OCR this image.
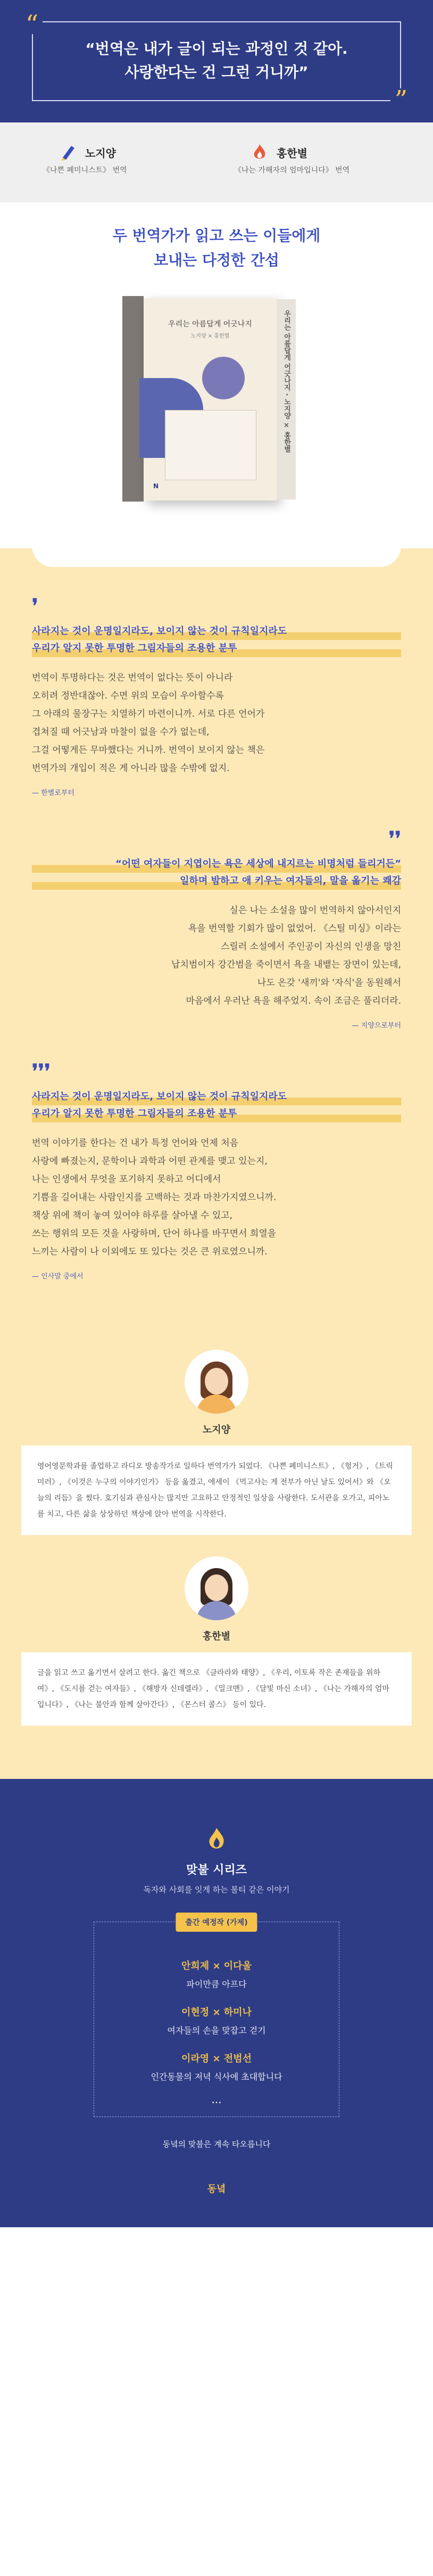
“
“번역은 내가 글이 되는 과정인 것 같아.
사랑한다는 건 그런 거니까”
”
노지양
《나쁜 페미니스트》 번역
홍한별
《나는 가해자의 엄마입니다》 번역
두 번역가가 읽고 쓰는 이들에게
보내는 다정한 간섭
우리는 아름답게 어긋나지
노지양 × 홍한별
N
우리는 아름답게 어긋나지 · 노지양 × 홍한별
❜
사라지는 것이 운명일지라도, 보이지 않는 것이 규칙일지라도
우리가 알지 못한 투명한 그림자들의 조용한 분투
번역이 투명하다는 것은 번역이 없다는 뜻이 아니라
오히려 정반대잖아. 수면 위의 모습이 우아할수록
그 아래의 물장구는 치열하기 마련이니까. 서로 다른 언어가
겹쳐질 때 어긋남과 마찰이 없을 수가 없는데,
그걸 어떻게든 무마했다는 거니까. 번역이 보이지 않는 책은
번역가의 개입이 적은 게 아니라 많을 수밖에 없지.
— 한별로부터
❜❜
“어떤 여자들이 지엽이는 욕은 세상에 내지르는 비명처럼 들리거든”
일하며 밤하고 애 키우는 여자들의, 말을 옮기는 쾌감
실은 나는 소설을 많이 번역하지 않아서인지
욕을 번역할 기회가 많이 없었어. 《스틸 미싱》이라는
스릴러 소설에서 주인공이 자신의 인생을 망친
납치범이자 강간범을 죽이면서 욕을 내뱉는 장면이 있는데,
나도 온갖 '새끼'와 '자식'을 동원해서
마음에서 우러난 욕을 해주었지. 속이 조금은 풀리더라.
— 지양으로부터
❜❜❜
사라지는 것이 운명일지라도, 보이지 않는 것이 규칙일지라도
우리가 알지 못한 투명한 그림자들의 조용한 분투
번역 이야기를 한다는 건 내가 특정 언어와 언제 처음
사랑에 빠졌는지, 문학이나 과학과 어떤 관계를 맺고 있는지,
나는 인생에서 무엇을 포기하지 못하고 어디에서
기쁨을 길어내는 사람인지를 고백하는 것과 마찬가지였으니까.
책상 위에 책이 놓여 있어야 하루를 살아낼 수 있고,
쓰는 행위의 모든 것을 사랑하며, 단어 하나를 바꾸면서 희열을
느끼는 사람이 나 이외에도 또 있다는 것은 큰 위로였으니까.
— 인사말 중에서
노지양
영어영문학과를 졸업하고 라디오 방송작가로 일하다 번역가가 되었다. 《나쁜 페미니스트》, 《헝거》, 《트릭 미러》, 《이것은 누구의 이야기인가》 등을 옮겼고, 에세이 《먹고사는 게 전부가 아닌 날도 있어서》와 《오늘의 리듬》을 썼다. 호기심과 관심사는 많지만 고요하고 안정적인 일상을 사랑한다. 도서관을 오가고, 피아노를 치고, 다른 삶을 상상하던 책상에 앉아 번역을 시작한다.
홍한별
글을 읽고 쓰고 옮기면서 살려고 한다. 옮긴 책으로 《클라라와 태양》, 《우리, 이토록 작은 존재들을 위하여》, 《도시를 걷는 여자들》, 《해방자 신데렐라》, 《밀크맨》, 《달빛 마신 소녀》, 《나는 가해자의 엄마 입니다》, 《나는 불안과 함께 살아간다》, 《몬스터 콜스》 등이 있다.
맞불 시리즈
독자와 사회를 잇게 하는 불티 같은 이야기
출간 예정작 (가제)
안희제 × 이다울
파이만큼 아프다
이현정 × 하미나
여자들의 손을 맞잡고 걷기
이라영 × 전범선
인간동물의 저녁 식사에 초대합니다
...
동녘의 맞불은 계속 타오릅니다
동녘
